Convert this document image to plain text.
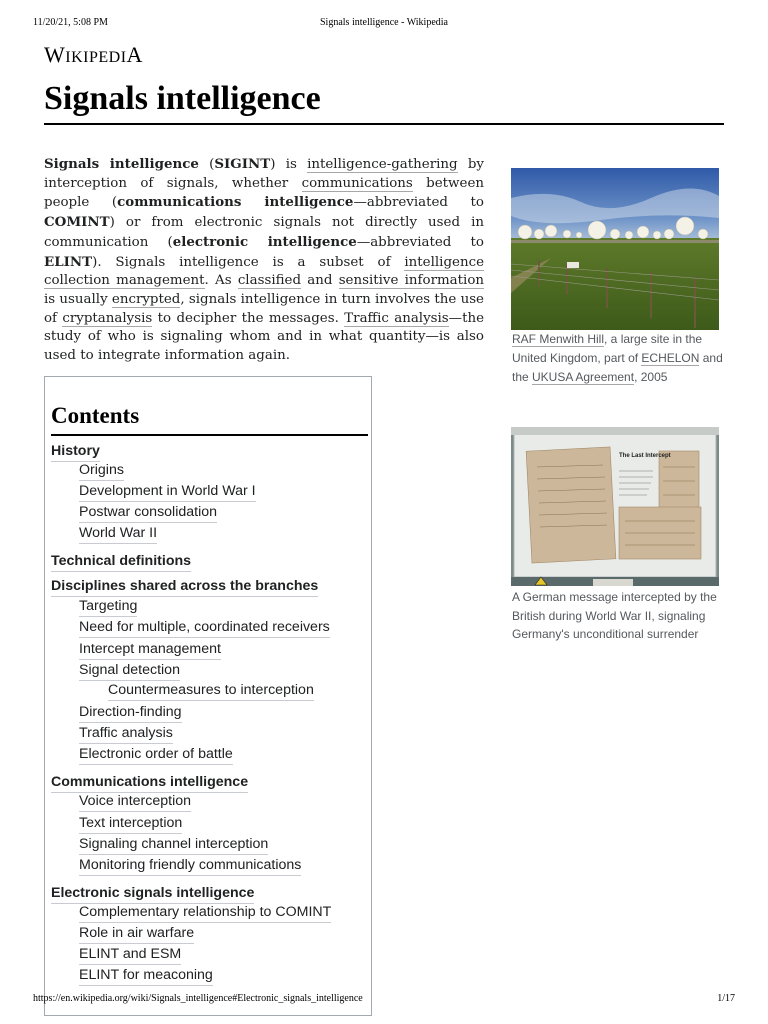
11/20/21, 5:08 PM	Signals intelligence - Wikipedia
WIKIPEDIA
Signals intelligence

Signals intelligence (SIGINT) is intelligence-gathering by interception of signals, whether communications between people (communications intelligence—abbreviated to COMINT) or from electronic signals not directly used in communication (electronic intelligence—abbreviated to ELINT). Signals intelligence is a subset of intelligence collection management. As classified and sensitive information is usually encrypted, signals intelligence in turn involves the use of cryptanalysis to decipher the messages. Traffic analysis—the study of who is signaling whom and in what quantity—is also used to integrate information again.

RAF Menwith Hill, a large site in the United Kingdom, part of ECHELON and the UKUSA Agreement, 2005

The Last Intercept

A German message intercepted by the British during World War II, signaling Germany's unconditional surrender

Contents
History
Origins
Development in World War I
Postwar consolidation
World War II
Technical definitions
Disciplines shared across the branches
Targeting
Need for multiple, coordinated receivers
Intercept management
Signal detection
Countermeasures to interception
Direction-finding
Traffic analysis
Electronic order of battle
Communications intelligence
Voice interception
Text interception
Signaling channel interception
Monitoring friendly communications
Electronic signals intelligence
Complementary relationship to COMINT
Role in air warfare
ELINT and ESM
ELINT for meaconing
https://en.wikipedia.org/wiki/Signals_intelligence#Electronic_signals_intelligence	1/17
